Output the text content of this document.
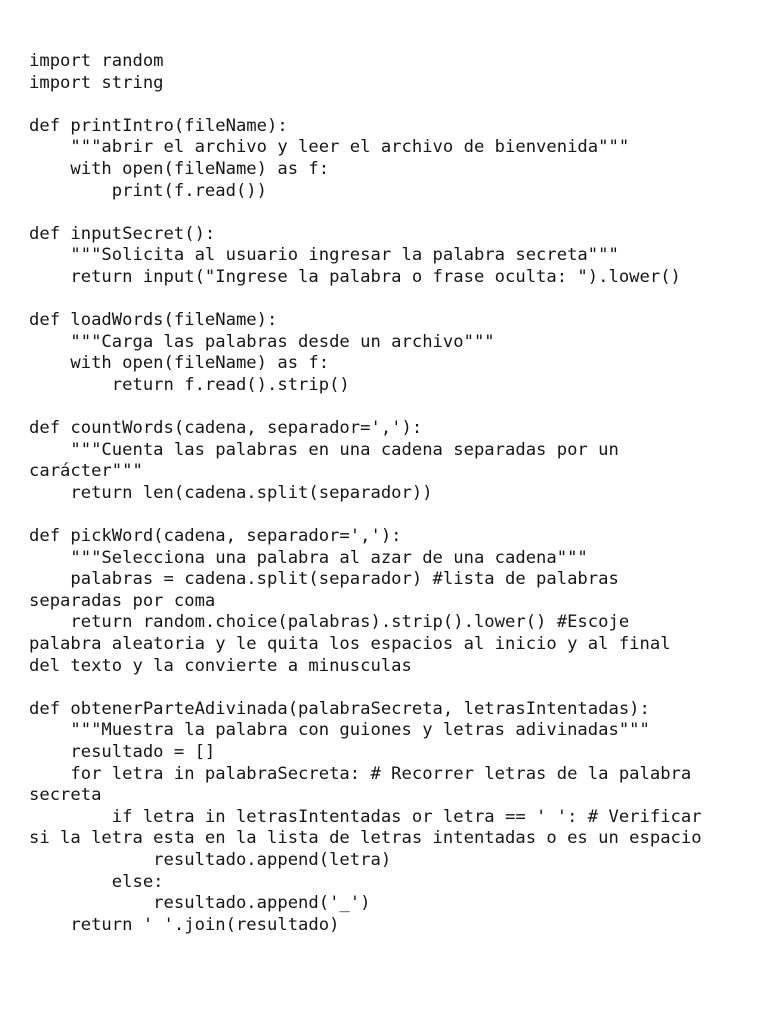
import random
import string
def printIntro(fileName):
"""abrir el archivo y leer el archivo de bienvenida"""
with open(fileName) as f:
print(f.read())
def inputSecret():
"""Solicita al usuario ingresar la palabra secreta"""
return input("Ingrese la palabra o frase oculta: ").lower()
def loadWords(fileName):
"""Carga las palabras desde un archivo"""
with open(fileName) as f:
return f.read().strip()
def countWords(cadena, separador=','):
"""Cuenta las palabras en una cadena separadas por un
carácter"""
return len(cadena.split(separador))
def pickWord(cadena, separador=','):
"""Selecciona una palabra al azar de una cadena"""
palabras = cadena.split(separador) #lista de palabras
separadas por coma
return random.choice(palabras).strip().lower() #Escoje
palabra aleatoria y le quita los espacios al inicio y al final
del texto y la convierte a minusculas
def obtenerParteAdivinada(palabraSecreta, letrasIntentadas):
"""Muestra la palabra con guiones y letras adivinadas"""
resultado = []
for letra in palabraSecreta: # Recorrer letras de la palabra
secreta
if letra in letrasIntentadas or letra == ' ': # Verificar
si la letra esta en la lista de letras intentadas o es un espacio
resultado.append(letra)
else:
resultado.append('_')
return ' '.join(resultado)
